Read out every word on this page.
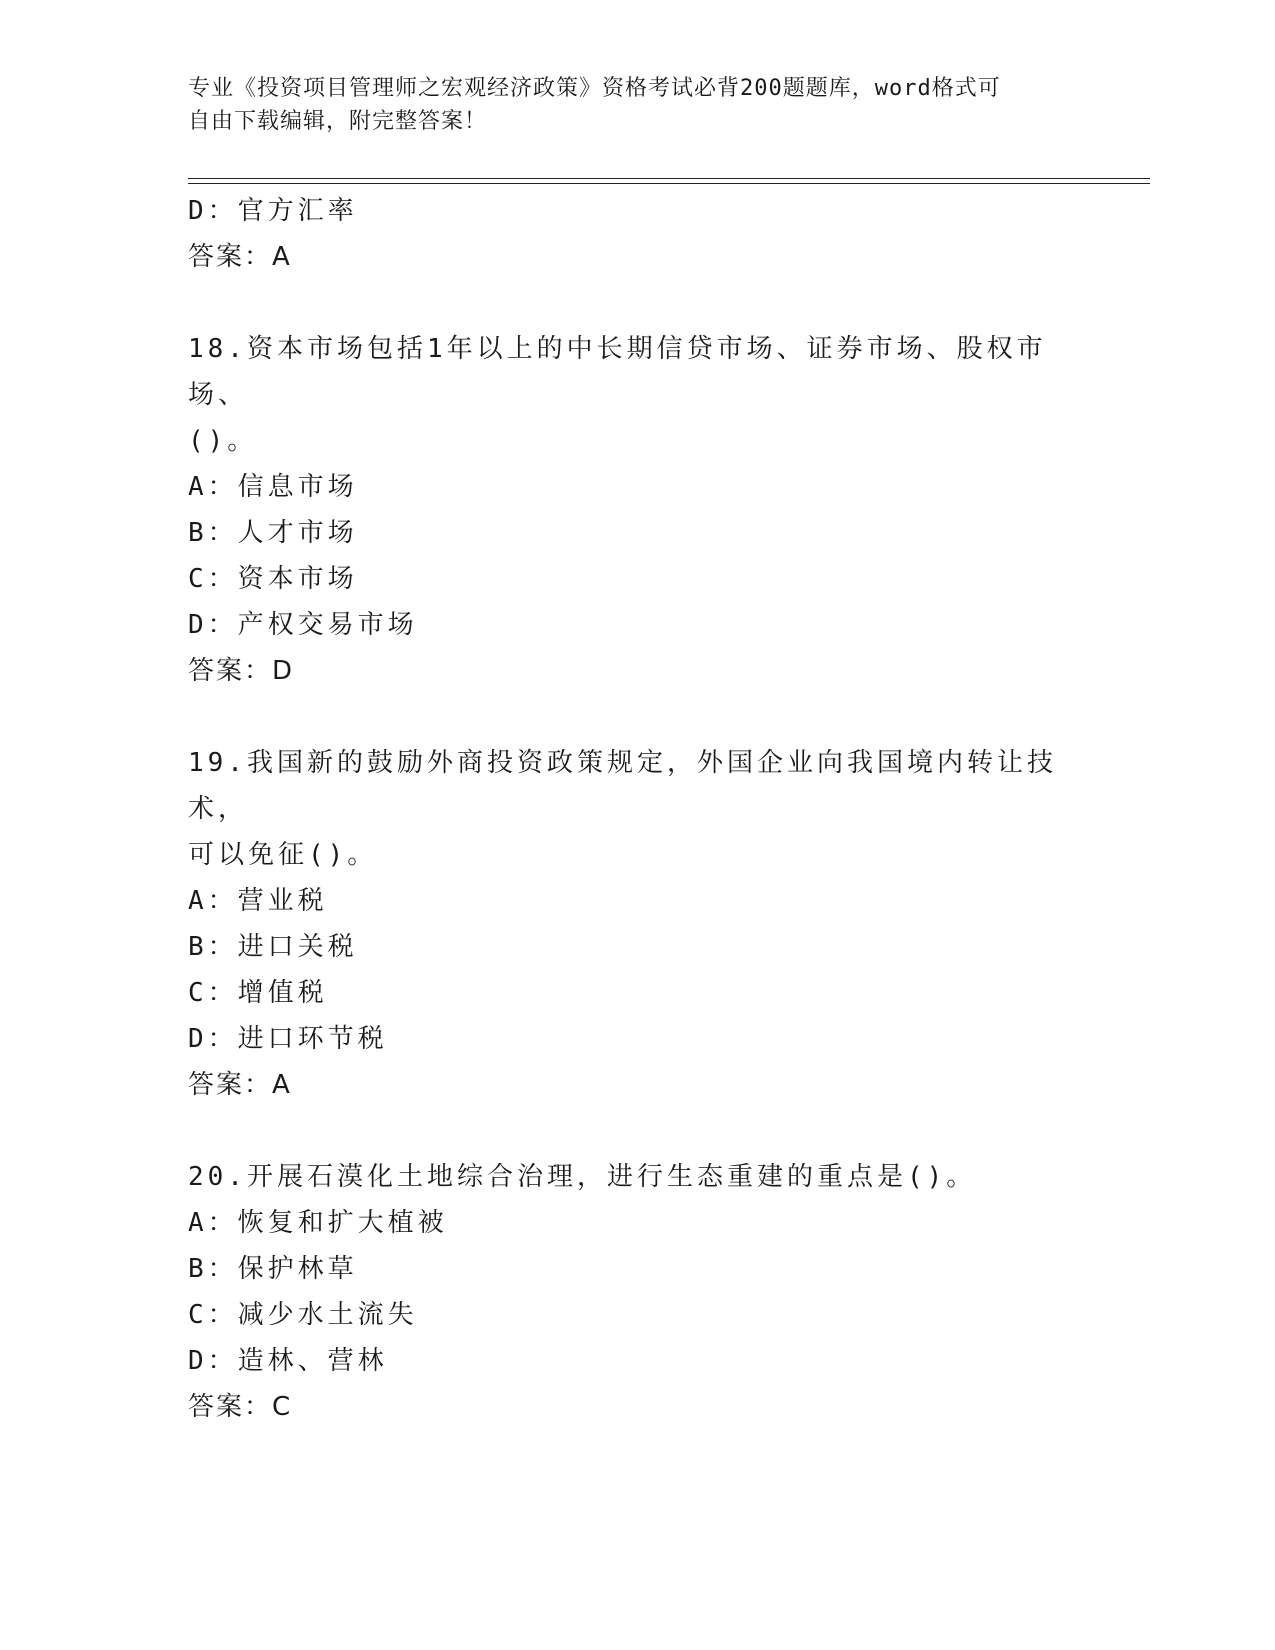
专业《投资项目管理师之宏观经济政策》资格考试必背200题题库，word格式可
自由下载编辑，附完整答案！
D：官方汇率
答案：A
18.资本市场包括1年以上的中长期信贷市场、证券市场、股权市场、
()。
A：信息市场
B：人才市场
C：资本市场
D：产权交易市场
答案：D
19.我国新的鼓励外商投资政策规定，外国企业向我国境内转让技术，
可以免征()。
A：营业税
B：进口关税
C：增值税
D：进口环节税
答案：A
20.开展石漠化土地综合治理，进行生态重建的重点是()。
A：恢复和扩大植被
B：保护林草
C：减少水土流失
D：造林、营林
答案：C
